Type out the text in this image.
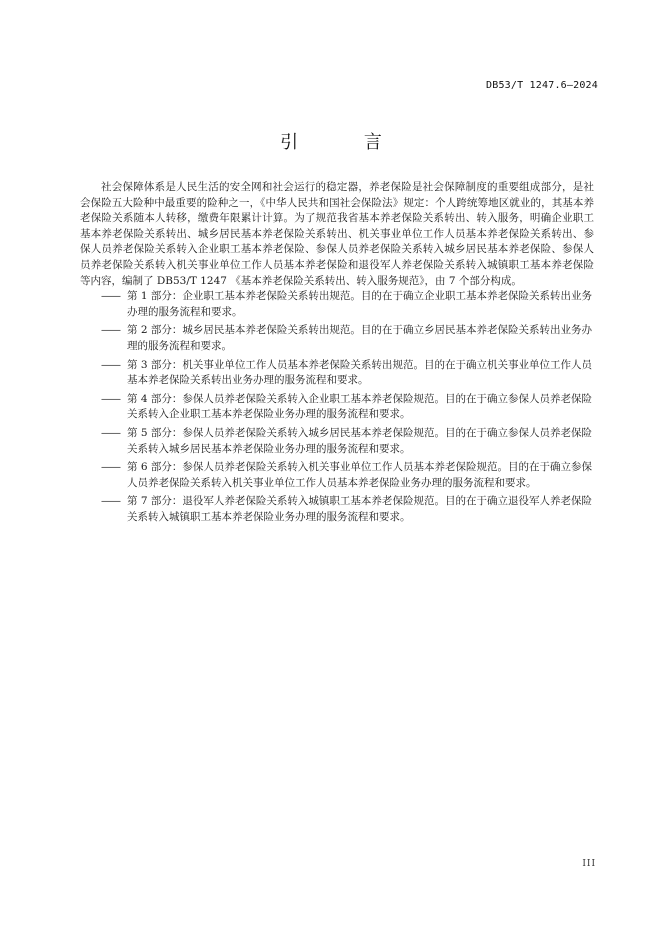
DB53/T 1247.6—2024
引 言

社会保障体系是人民生活的安全网和社会运行的稳定器，养老保险是社会保障制度的重要组成部分，是社会保险五大险种中最重要的险种之一，《中华人民共和国社会保险法》规定：个人跨统筹地区就业的，其基本养老保险关系随本人转移，缴费年限累计计算。为了规范我省基本养老保险关系转出、转入服务，明确企业职工基本养老保险关系转出、城乡居民基本养老保险关系转出、机关事业单位工作人员基本养老保险关系转出、参保人员养老保险关系转入企业职工基本养老保险、参保人员养老保险关系转入城乡居民基本养老保险、参保人员养老保险关系转入机关事业单位工作人员基本养老保险和退役军人养老保险关系转入城镇职工基本养老保险等内容，编制了 DB53/T 1247 《基本养老保险关系转出、转入服务规范》，由 7 个部分构成。

—— 第 1 部分：企业职工基本养老保险关系转出规范。目的在于确立企业职工基本养老保险关系转出业务办理的服务流程和要求。
—— 第 2 部分：城乡居民基本养老保险关系转出规范。目的在于确立乡居民基本养老保险关系转出业务办理的服务流程和要求。
—— 第 3 部分：机关事业单位工作人员基本养老保险关系转出规范。目的在于确立机关事业单位工作人员基本养老保险关系转出业务办理的服务流程和要求。
—— 第 4 部分：参保人员养老保险关系转入企业职工基本养老保险规范。目的在于确立参保人员养老保险关系转入企业职工基本养老保险业务办理的服务流程和要求。
—— 第 5 部分：参保人员养老保险关系转入城乡居民基本养老保险规范。目的在于确立参保人员养老保险关系转入城乡居民基本养老保险业务办理的服务流程和要求。
—— 第 6 部分：参保人员养老保险关系转入机关事业单位工作人员基本养老保险规范。目的在于确立参保人员养老保险关系转入机关事业单位工作人员基本养老保险业务办理的服务流程和要求。
—— 第 7 部分：退役军人养老保险关系转入城镇职工基本养老保险规范。目的在于确立退役军人养老保险关系转入城镇职工基本养老保险业务办理的服务流程和要求。
III
